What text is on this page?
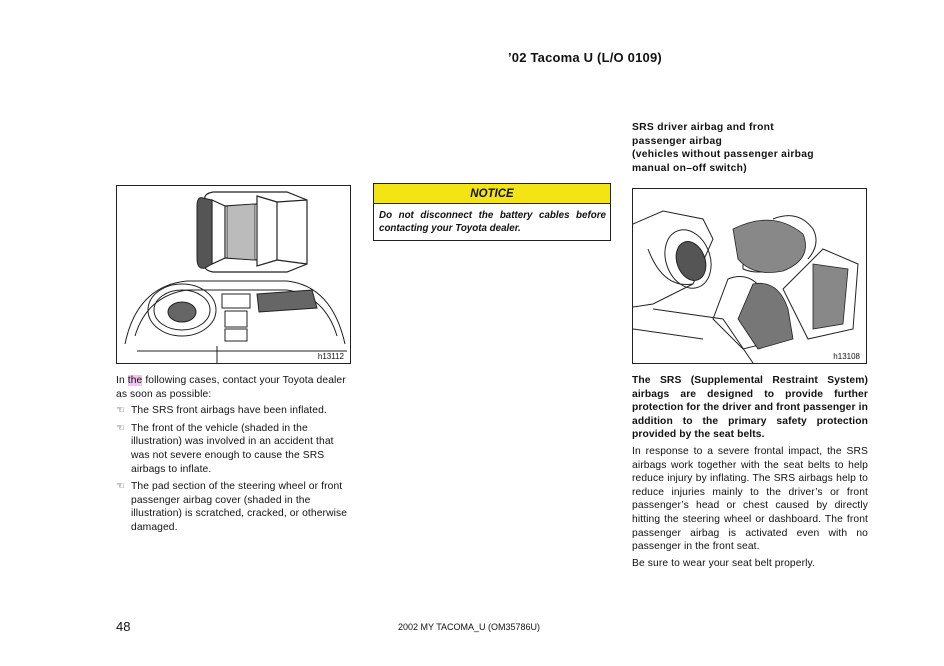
’02 Tacoma U (L/O 0109)
h13112
NOTICE
Do not disconnect the battery cables before contacting your Toyota dealer.
SRS driver airbag and front
passenger airbag
(vehicles without passenger airbag
manual on–off switch)
h13108

In the following cases, contact your Toyota dealer as soon as possible:

☜ The SRS front airbags have been inflated.
☜ The front of the vehicle (shaded in the illustration) was involved in an accident that was not severe enough to cause the SRS airbags to inflate.
☜ The pad section of the steering wheel or front passenger airbag cover (shaded in the illustration) is scratched, cracked, or otherwise damaged.

The SRS (Supplemental Restraint System) airbags are designed to provide further protection for the driver and front passenger in addition to the primary safety protection provided by the seat belts.

In response to a severe frontal impact, the SRS airbags work together with the seat belts to help reduce injury by inflating. The SRS airbags help to reduce injuries mainly to the driver’s or front passenger’s head or chest caused by directly hitting the steering wheel or dashboard. The front passenger airbag is activated even with no passenger in the front seat.

Be sure to wear your seat belt properly.

48	2002 MY TACOMA_U (OM35786U)
